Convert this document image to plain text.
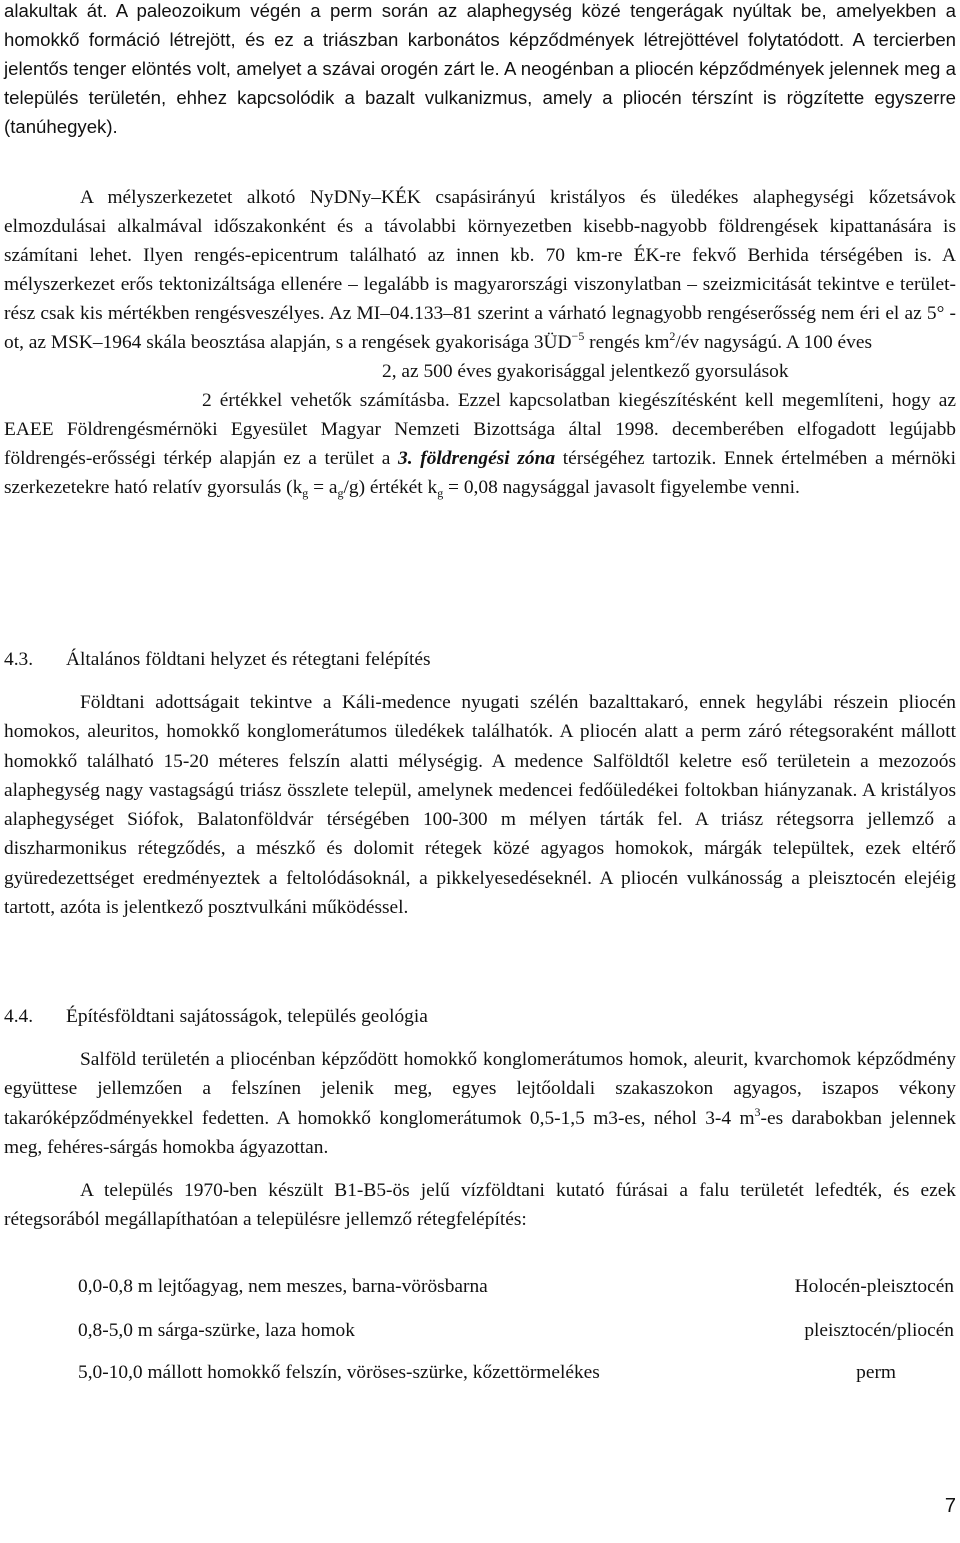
alakultak át. A paleozoikum végén a perm során az alaphegység közé tengerágak nyúltak be, amelyekben a homokkő formáció létrejött, és ez a triászban karbonátos képződmények létrejöttével folytatódott. A tercierben jelentős tenger elöntés volt, amelyet a szávai orogén zárt le. A neogénban a pliocén képződmények jelennek meg a település területén, ehhez kapcsolódik a bazalt vulkanizmus, amely a pliocén térszínt is rögzítette egyszerre (tanúhegyek).
A mélyszerkezetet alkotó NyDNy–KÉK csapásirányú kristályos és üledékes alaphegységi kőzetsávok elmozdulásai alkalmával időszakonként és a távolabbi környezetben kisebb-nagyobb földrengések kipattanására is számítani lehet. Ilyen rengés-epicentrum található az innen kb. 70 km-re ÉK-re fekvő Berhida térségében is. A mélyszerkezet erős tektonizáltsága ellenére – legalább is magyarországi viszonylatban – szeizmicitását tekintve e területrész csak kis mértékben rengésveszélyes. Az MI–04.133–81 szerint a várható legnagyobb rengéserősség nem éri el az 5° -ot, az MSK–1964 skála beosztása alapján, s a rengések gyakorisága $3ÜD^{-5}$ rengés $km^2/év$ nagyságú. A 100 éves
2, az 500 éves gyakorisággal jelentkező gyorsulások
2 értékkel vehetők számításba. Ezzel kapcsolatban kiegészítésként kell megemlíteni, hogy az EAEE Földrengésmérnöki Egyesület Magyar Nemzeti Bizottsága által 1998. decemberében elfogadott legújabb földrengés-erősségi térkép alapján ez a terület a 3. földrengési zóna térségéhez tartozik. Ennek értelmében a mérnöki szerkezetekre ható relatív gyorsulás $(k_g = a_g/g)$ értékét $k_g = 0,08$ nagysággal javasolt figyelembe venni.
4.3. Általános földtani helyzet és rétegtani felépítés
Földtani adottságait tekintve a Káli-medence nyugati szélén bazalttakaró, ennek hegylábi részein pliocén homokos, aleuritos, homokkő konglomerátumos üledékek találhatók. A pliocén alatt a perm záró rétegsoraként mállott homokkő található 15-20 méteres felszín alatti mélységig. A medence Salföldtől keletre eső területein a mezozoós alaphegység nagy vastagságú triász összlete települ, amelynek medencei fedőüledékei foltokban hiányzanak. A kristályos alaphegységet Siófok, Balatonföldvár térségében 100-300 m mélyen tárták fel. A triász rétegsorra jellemző a diszharmonikus rétegződés, a mészkő és dolomit rétegek közé agyagos homokok, márgák települtek, ezek eltérő gyüredezettséget eredményeztek a feltolódásoknál, a pikkelyesedéseknél. A pliocén vulkánosság a pleisztocén elejéig tartott, azóta is jelentkező posztvulkáni működéssel.
4.4. Építésföldtani sajátosságok, település geológia
Salföld területén a pliocénban képződött homokkő konglomerátumos homok, aleurit, kvarchomok képződmény együttese jellemzően a felszínen jelenik meg, egyes lejtőoldali szakaszokon agyagos, iszapos vékony takaróképződményekkel fedetten. A homokkő konglomerátumok 0,5-1,5 m3-es, néhol 3-4 $m^3-es$ darabokban jelennek meg, fehéres-sárgás homokba ágyazottan.
A település 1970-ben készült B1-B5-ös jelű vízföldtani kutató fúrásai a falu területét lefedték, és ezek rétegsorából megállapíthatóan a településre jellemző rétegfelépítés:
0,0-0,8 m lejtőagyag, nem meszes, barna-vörösbarna	Holocén-pleisztocén
0,8-5,0 m sárga-szürke, laza homok	pleisztocén/pliocén
5,0-10,0 mállott homokkő felszín, vöröses-szürke, kőzettörmelékes	perm
7
